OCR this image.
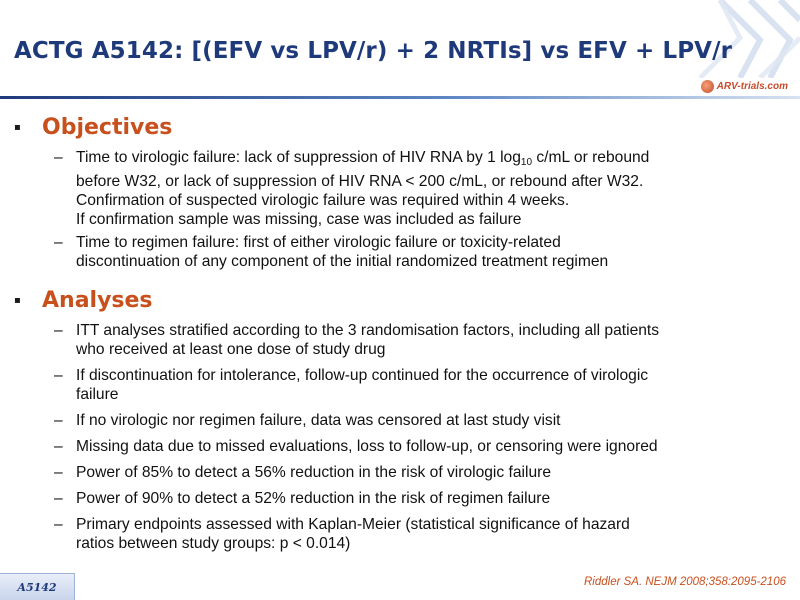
ACTG A5142: [(EFV vs LPV/r) + 2 NRTIs] vs EFV + LPV/r
ARV-trials.com
▪ Objectives
– Time to virologic failure: lack of suppression of HIV RNA by 1 $\log_{10} c/mL$ or rebound
before W32, or lack of suppression of HIV RNA < 200 c/mL, or rebound after W32.
Confirmation of suspected virologic failure was required within 4 weeks.
If confirmation sample was missing, case was included as failure
– Time to regimen failure: first of either virologic failure or toxicity-related
discontinuation of any component of the initial randomized treatment regimen
▪ Analyses
– ITT analyses stratified according to the 3 randomisation factors, including all patients
who received at least one dose of study drug
– If discontinuation for intolerance, follow-up continued for the occurrence of virologic
failure
– If no virologic nor regimen failure, data was censored at last study visit
– Missing data due to missed evaluations, loss to follow-up, or censoring were ignored
– Power of 85% to detect a 56% reduction in the risk of virologic failure
– Power of 90% to detect a 52% reduction in the risk of regimen failure
– Primary endpoints assessed with Kaplan-Meier (statistical significance of hazard
ratios between study groups: p < 0.014)
A5142	Riddler SA. NEJM 2008;358:2095-2106
